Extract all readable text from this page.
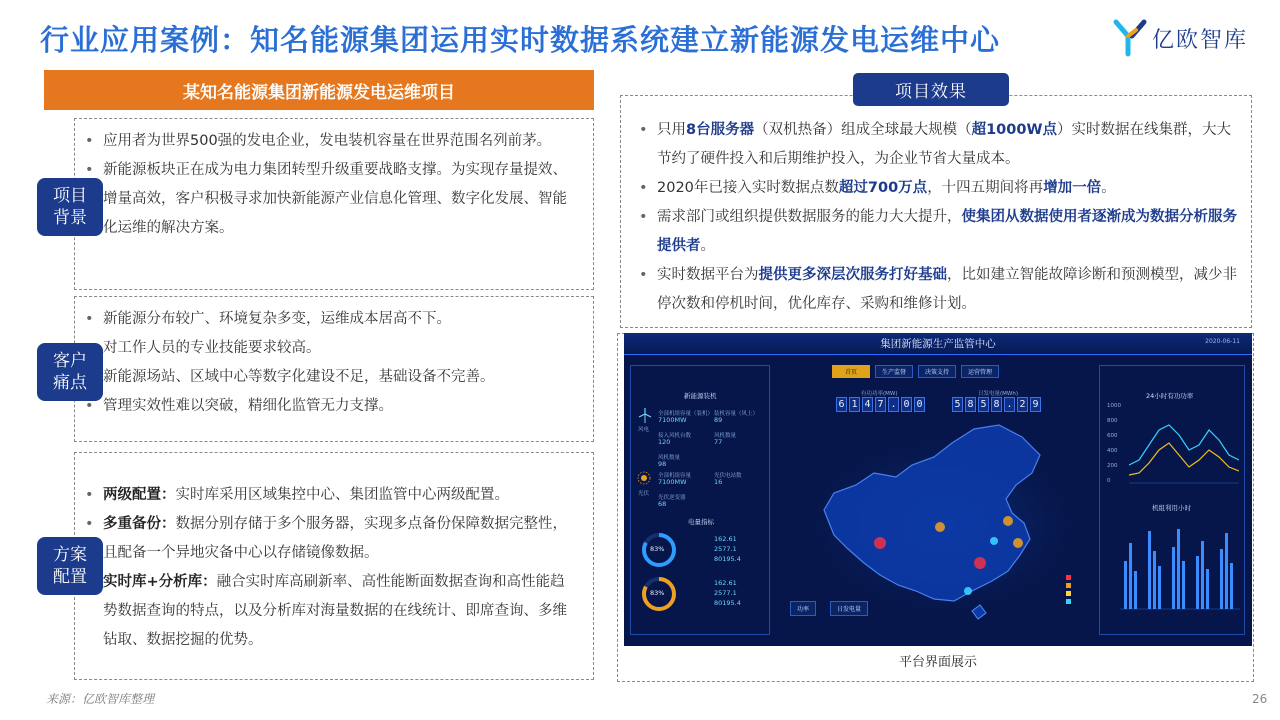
行业应用案例：知名能源集团运用实时数据系统建立新能源发电运维中心	亿欧智库
某知名能源集团新能源发电运维项目
• 应用者为世界500强的发电企业，发电装机容量在世界范围名列前茅。
• 新能源板块正在成为电力集团转型升级重要战略支撑。为实现存量提效、增量高效，客户积极寻求加快新能源产业信息化管理、数字化发展、智能化运维的解决方案。
项目背景
• 新能源分布较广、环境复杂多变，运维成本居高不下。
• 对工作人员的专业技能要求较高。
• 新能源场站、区域中心等数字化建设不足，基础设备不完善。
• 管理实效性难以突破，精细化监管无力支撑。
客户痛点
• 两级配置：实时库采用区域集控中心、集团监管中心两级配置。
• 多重备份：数据分别存储于多个服务器，实现多点备份保障数据完整性，且配备一个异地灾备中心以存储镜像数据。
• 实时库+分析库：融合实时库高刷新率、高性能断面数据查询和高性能趋势数据查询的特点，以及分析库对海量数据的在线统计、即席查询、多维钻取、数据挖掘的优势。
方案配置
• 只用8台服务器（双机热备）组成全球最大规模（超1000W点）实时数据在线集群，大大节约了硬件投入和后期维护投入，为企业节省大量成本。
• 2020年已接入实时数据点数超过700万点，十四五期间将再增加一倍。
• 需求部门或组织提供数据服务的能力大大提升，使集团从数据使用者逐渐成为数据分析服务提供者。
• 实时数据平台为提供更多深层次服务打好基础，比如建立智能故障诊断和预测模型，减少非停次数和停机时间，优化库存、采购和维修计划。
项目效果
集团新能源生产监管中心	2020-06-11
首页	生产监督	决策支持	运营管理
新能源装机
风电
全部机组容量（装机）
7100MW
装机容量（风上）
89
接入风机台数
120
风机数量
77
风机数量
98
光伏
全部机组容量
7100MW
光伏电站数
16
光伏逆变器
68
电量指标
83%
162.61
2577.1
80195.4
83%
162.61
2577.1
80195.4
有功功率(MW)
6 1 4 7 . 0 0
日发电量(MWh)
5 8 5 8 . 2 9
功率	日发电量
24小时有功功率
1000
800
600
400
200
0
机组利用小时
平台界面展示
来源：亿欧智库整理	26
